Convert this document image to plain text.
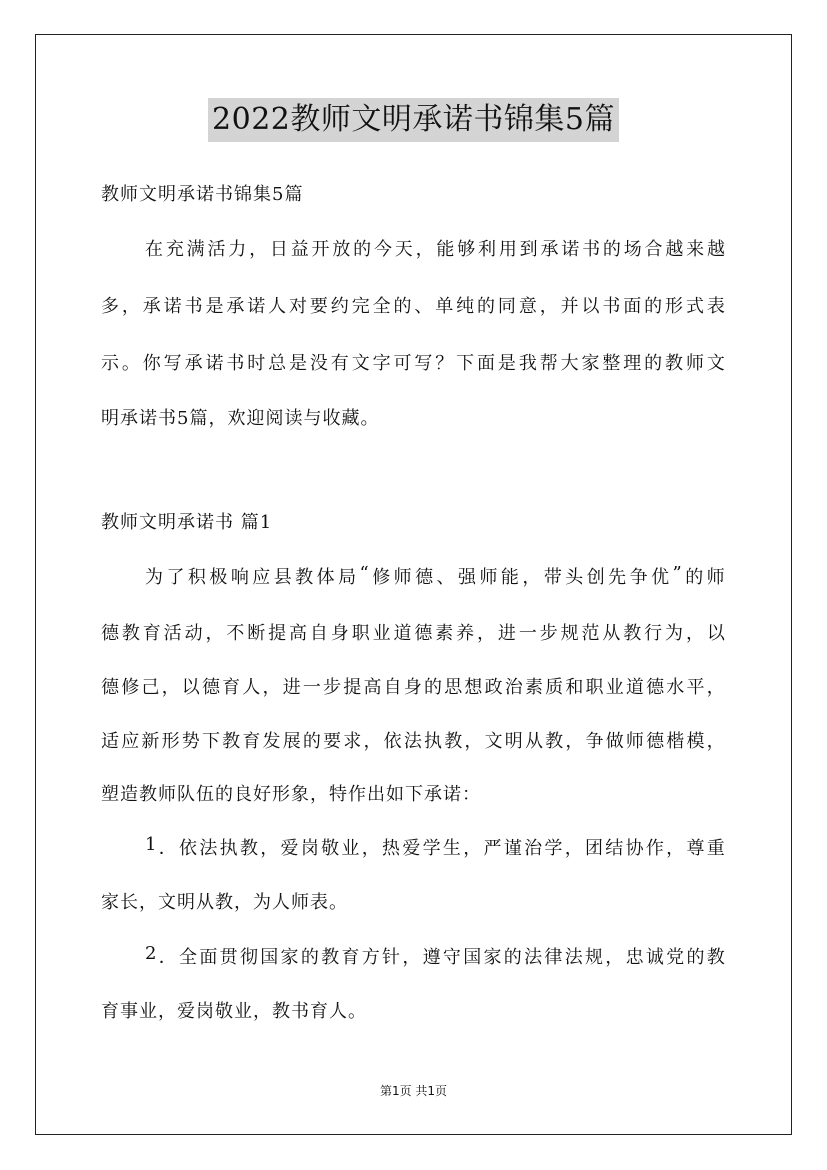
2022教师文明承诺书锦集5篇
教师文明承诺书锦集5篇
在 充 满 活 力 ， 日 益 开 放 的 今 天 ， 能 够 利 用 到 承 诺 书 的 场 合 越 来 越
多 ， 承 诺 书 是 承 诺 人 对 要 约 完 全 的 、 单 纯 的 同 意 ， 并 以 书 面 的 形 式 表
示 。 你 写 承 诺 书 时 总 是 没 有 文 字 可 写 ？ 下 面 是 我 帮 大 家 整 理 的 教 师 文
明承诺书5篇，欢迎阅读与收藏。
教师文明承诺书 篇1
为 了 积 极 响 应 县 教 体 局 “ 修 师 德 、 强 师 能 ， 带 头 创 先 争 优 ” 的 师
德 教 育 活 动 ， 不 断 提 高 自 身 职 业 道 德 素 养 ， 进 一 步 规 范 从 教 行 为 ， 以
德 修 己 ， 以 德 育 人 ， 进 一 步 提 高 自 身 的 思 想 政 治 素 质 和 职 业 道 德 水 平 ，
适 应 新 形 势 下 教 育 发 展 的 要 求 ， 依 法 执 教 ， 文 明 从 教 ， 争 做 师 德 楷 模 ，
塑造教师队伍的良好形象，特作出如下承诺：
1 ． 依 法 执 教 ， 爱 岗 敬 业 ， 热 爱 学 生 ， 严 谨 治 学 ， 团 结 协 作 ， 尊 重
家长，文明从教，为人师表。
2 ． 全 面 贯 彻 国 家 的 教 育 方 针 ， 遵 守 国 家 的 法 律 法 规 ， 忠 诚 党 的 教
育事业，爱岗敬业，教书育人。
第1页 共1页
